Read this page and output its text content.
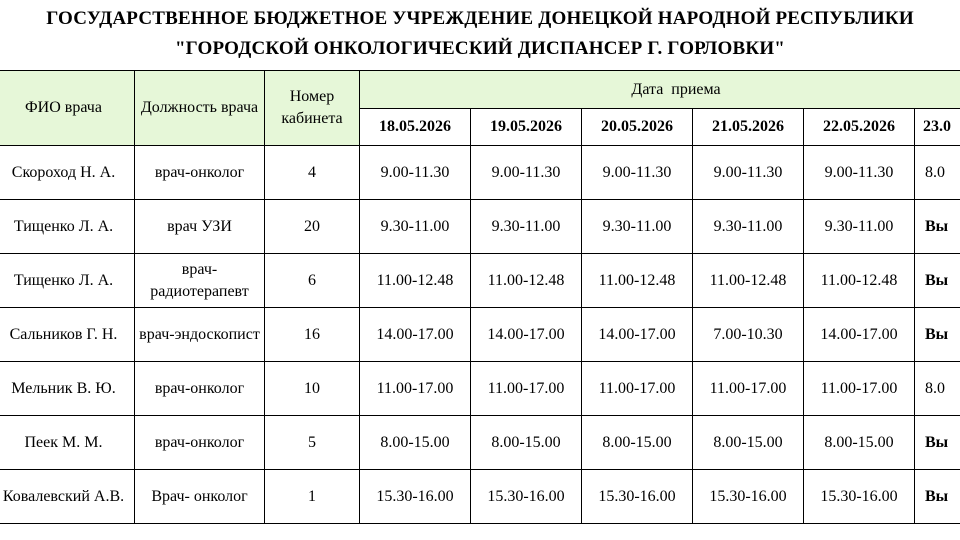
ГОСУДАРСТВЕННОЕ БЮДЖЕТНОЕ УЧРЕЖДЕНИЕ ДОНЕЦКОЙ НАРОДНОЙ РЕСПУБЛИКИ
"ГОРОДСКОЙ ОНКОЛОГИЧЕСКИЙ ДИСПАНСЕР Г. ГОРЛОВКИ"
ФИО врача	Должность врача	Номер кабинета	Дата  приема					
			18.05.2026	19.05.2026	20.05.2026	21.05.2026	22.05.2026	23.0
Скороход Н. А.	врач-онколог	4	9.00-11.30	9.00-11.30	9.00-11.30	9.00-11.30	9.00-11.30	8.0
Тищенко Л. А.	врач УЗИ	20	9.30-11.00	9.30-11.00	9.30-11.00	9.30-11.00	9.30-11.00	Вы
Тищенко Л. А.	врач-радиотерапевт	6	11.00-12.48	11.00-12.48	11.00-12.48	11.00-12.48	11.00-12.48	Вы
Сальников Г. Н.	врач-эндоскопист	16	14.00-17.00	14.00-17.00	14.00-17.00	7.00-10.30	14.00-17.00	Вы
Мельник В. Ю.	врач-онколог	10	11.00-17.00	11.00-17.00	11.00-17.00	11.00-17.00	11.00-17.00	8.0
Пеек М. М.	врач-онколог	5	8.00-15.00	8.00-15.00	8.00-15.00	8.00-15.00	8.00-15.00	Вы
Ковалевский А.В.	Врач- онколог	1	15.30-16.00	15.30-16.00	15.30-16.00	15.30-16.00	15.30-16.00	Вы
